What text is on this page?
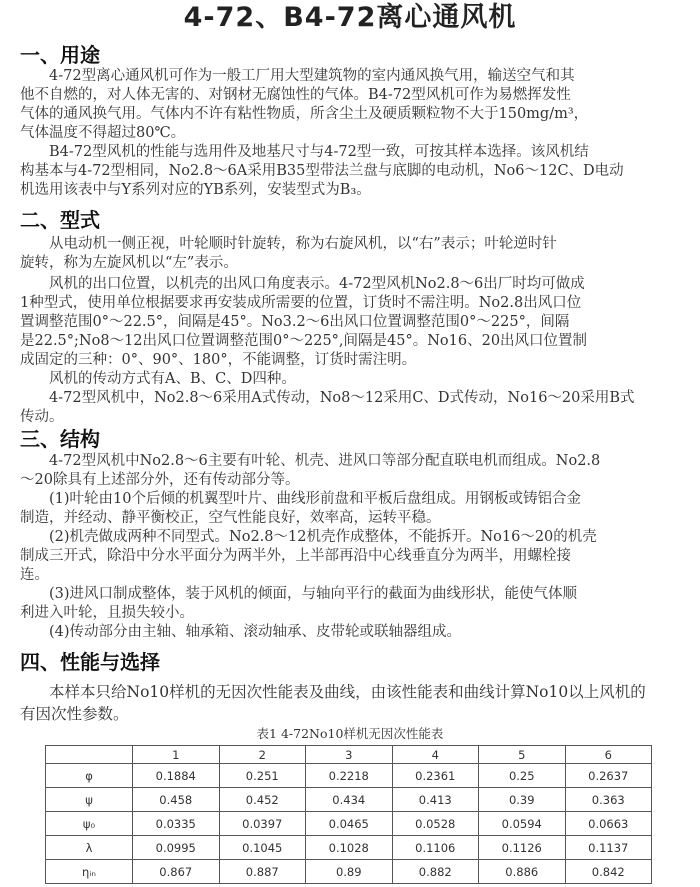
4-72、B4-72离心通风机
一、用途
4-72型离心通风机可作为一般工厂用大型建筑物的室内通风换气用，输送空气和其
他不自燃的，对人体无害的、对钢材无腐蚀性的气体。B4-72型风机可作为易燃挥发性
气体的通风换气用。气体内不许有粘性物质，所含尘土及硬质颗粒物不大于150mg/m³，
气体温度不得超过80℃。
B4-72型风机的性能与选用件及地基尺寸与4-72型一致，可按其样本选择。该风机结
构基本与4-72型相同，No2.8～6A采用B35型带法兰盘与底脚的电动机，No6～12C、D电动
机选用该表中与Y系列对应的YB系列，安装型式为B₃。
二、型式
从电动机一侧正视，叶轮顺时针旋转，称为右旋风机，以“右”表示；叶轮逆时针
旋转，称为左旋风机以“左”表示。
风机的出口位置，以机壳的出风口角度表示。4-72型风机No2.8～6出厂时均可做成
1种型式，使用单位根据要求再安装成所需要的位置，订货时不需注明。No2.8出风口位
置调整范围0°～22.5°，间隔是45°。No3.2～6出风口位置调整范围0°～225°，间隔
是22.5°;No8～12出风口位置调整范围0°～225°,间隔是45°。No16、20出风口位置制
成固定的三种：0°、90°、180°，不能调整，订货时需注明。
风机的传动方式有A、B、C、D四种。
4-72型风机中，No2.8～6采用A式传动，No8～12采用C、D式传动，No16～20采用B式
传动。
三、结构
4-72型风机中No2.8～6主要有叶轮、机壳、进风口等部分配直联电机而组成。No2.8
～20除具有上述部分外，还有传动部分等。
(1)叶轮由10个后倾的机翼型叶片、曲线形前盘和平板后盘组成。用钢板或铸铝合金
制造，并经动、静平衡校正，空气性能良好，效率高，运转平稳。
(2)机壳做成两种不同型式。No2.8～12机壳作成整体，不能拆开。No16～20的机壳
制成三开式，除沿中分水平面分为两半外，上半部再沿中心线垂直分为两半，用螺栓接
连。
(3)进风口制成整体，装于风机的倾面，与轴向平行的截面为曲线形状，能使气体顺
利进入叶轮，且损失较小。
(4)传动部分由主轴、轴承箱、滚动轴承、皮带轮或联轴器组成。
四、性能与选择
本样本只给No10样机的无因次性能表及曲线，由该性能表和曲线计算No10以上风机的
有因次性参数。
表1 4-72No10样机无因次性能表
	1	2	3	4	5	6
φ	0.1884	0.251	0.2218	0.2361	0.25	0.2637
ψ	0.458	0.452	0.434	0.413	0.39	0.363
ψ₀	0.0335	0.0397	0.0465	0.0528	0.0594	0.0663
λ	0.0995	0.1045	0.1028	0.1106	0.1126	0.1137
ηᵢₙ	0.867	0.887	0.89	0.882	0.886	0.842
